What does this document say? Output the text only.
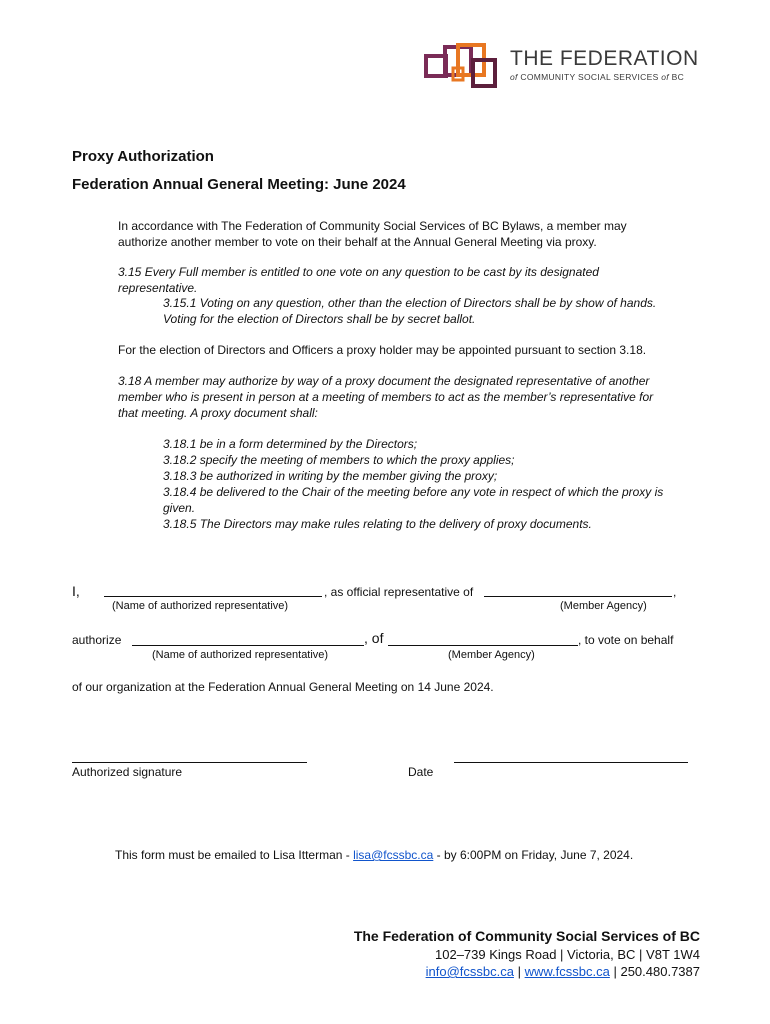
THE FEDERATION
of COMMUNITY SOCIAL SERVICES of BC
Proxy Authorization
Federation Annual General Meeting: June 2024
In accordance with The Federation of Community Social Services of BC Bylaws, a member may
authorize another member to vote on their behalf at the Annual General Meeting via proxy.
3.15 Every Full member is entitled to one vote on any question to be cast by its designated
representative.
3.15.1 Voting on any question, other than the election of Directors shall be by show of hands.
Voting for the election of Directors shall be by secret ballot.
For the election of Directors and Officers a proxy holder may be appointed pursuant to section 3.18.
3.18 A member may authorize by way of a proxy document the designated representative of another
member who is present in person at a meeting of members to act as the member’s representative for
that meeting. A proxy document shall:
3.18.1 be in a form determined by the Directors;
3.18.2 specify the meeting of members to which the proxy applies;
3.18.3 be authorized in writing by the member giving the proxy;
3.18.4 be delivered to the Chair of the meeting before any vote in respect of which the proxy is
given.
3.18.5 The Directors may make rules relating to the delivery of proxy documents.
I,	, as official representative of	,
(Name of authorized representative)	(Member Agency)
authorize	, of	, to vote on behalf
(Name of authorized representative)	(Member Agency)
of our organization at the Federation Annual General Meeting on 14 June 2024.
Authorized signature	Date
This form must be emailed to Lisa Itterman - lisa@fcssbc.ca - by 6:00PM on Friday, June 7, 2024.
The Federation of Community Social Services of BC
102–739 Kings Road | Victoria, BC | V8T 1W4
info@fcssbc.ca | www.fcssbc.ca | 250.480.7387
